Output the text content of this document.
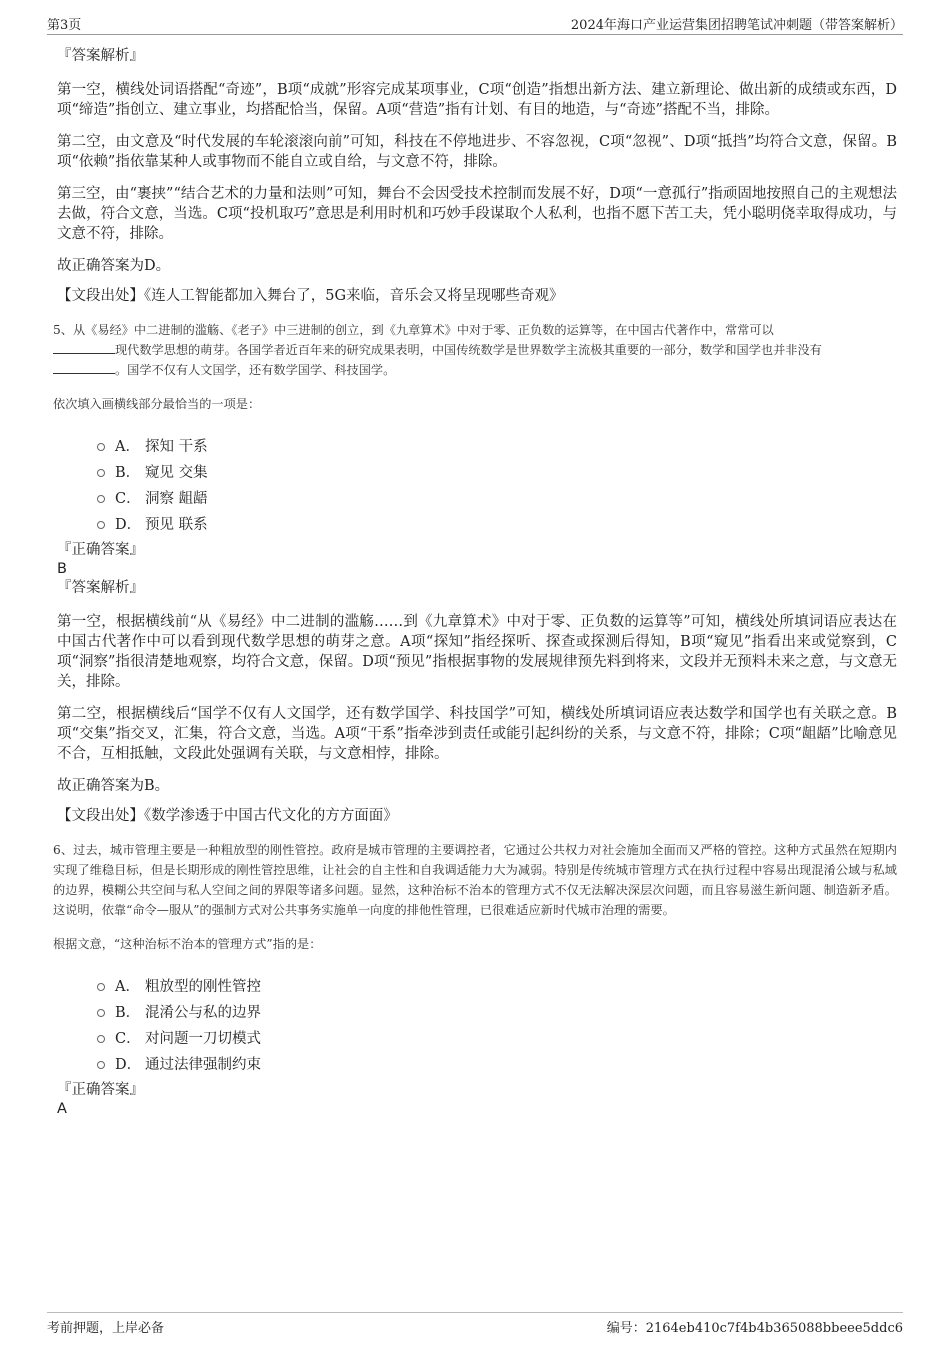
第3页	2024年海口产业运营集团招聘笔试冲刺题（带答案解析）
『答案解析』

第一空，横线处词语搭配“奇迹”，B项“成就”形容完成某项事业，C项“创造”指想出新方法、建立新理论、做出新的成绩或东西，D项“缔造”指创立、建立事业，均搭配恰当，保留。A项“营造”指有计划、有目的地造，与“奇迹”搭配不当，排除。

第二空，由文意及“时代发展的车轮滚滚向前”可知，科技在不停地进步、不容忽视，C项“忽视”、D项“抵挡”均符合文意，保留。B项“依赖”指依靠某种人或事物而不能自立或自给，与文意不符，排除。

第三空，由“裹挟”“结合艺术的力量和法则”可知，舞台不会因受技术控制而发展不好，D项“一意孤行”指顽固地按照自己的主观想法去做，符合文意，当选。C项“投机取巧”意思是利用时机和巧妙手段谋取个人私利，也指不愿下苦工夫，凭小聪明侥幸取得成功，与文意不符，排除。

故正确答案为D。

【文段出处】《连人工智能都加入舞台了，5G来临，音乐会又将呈现哪些奇观》

5、从《易经》中二进制的滥觞、《老子》中三进制的创立，到《九章算术》中对于零、正负数的运算等，在中国古代著作中，常常可以
现代数学思想的萌芽。各国学者近百年来的研究成果表明，中国传统数学是世界数学主流极其重要的一部分，数学和国学也并非没有
。国学不仅有人文国学，还有数学国学、科技国学。

依次填入画横线部分最恰当的一项是：
A． 探知 干系
B． 窥见 交集
C． 洞察 龃龉
D． 预见 联系
『正确答案』
B
『答案解析』

第一空，根据横线前“从《易经》中二进制的滥觞……到《九章算术》中对于零、正负数的运算等”可知，横线处所填词语应表达在中国古代著作中可以看到现代数学思想的萌芽之意。A项“探知”指经探听、探查或探测后得知，B项“窥见”指看出来或觉察到，C项“洞察”指很清楚地观察，均符合文意，保留。D项“预见”指根据事物的发展规律预先料到将来，文段并无预料未来之意，与文意无关，排除。

第二空，根据横线后“国学不仅有人文国学，还有数学国学、科技国学”可知，横线处所填词语应表达数学和国学也有关联之意。B项“交集”指交叉，汇集，符合文意，当选。A项“干系”指牵涉到责任或能引起纠纷的关系，与文意不符，排除；C项“龃龉”比喻意见不合，互相抵触，文段此处强调有关联，与文意相悖，排除。

故正确答案为B。

【文段出处】《数学渗透于中国古代文化的方方面面》

6、过去，城市管理主要是一种粗放型的刚性管控。政府是城市管理的主要调控者，它通过公共权力对社会施加全面而又严格的管控。这种方式虽然在短期内实现了维稳目标，但是长期形成的刚性管控思维，让社会的自主性和自我调适能力大为减弱。特别是传统城市管理方式在执行过程中容易出现混淆公域与私域的边界，模糊公共空间与私人空间之间的界限等诸多问题。显然，这种治标不治本的管理方式不仅无法解决深层次问题，而且容易滋生新问题、制造新矛盾。这说明，依靠“命令—服从”的强制方式对公共事务实施单一向度的排他性管理，已很难适应新时代城市治理的需要。

根据文意，“这种治标不治本的管理方式”指的是：
A． 粗放型的刚性管控
B． 混淆公与私的边界
C． 对问题一刀切模式
D． 通过法律强制约束
『正确答案』
A
考前押题，上岸必备	编号：2164eb410c7f4b4b365088bbeee5ddc6
